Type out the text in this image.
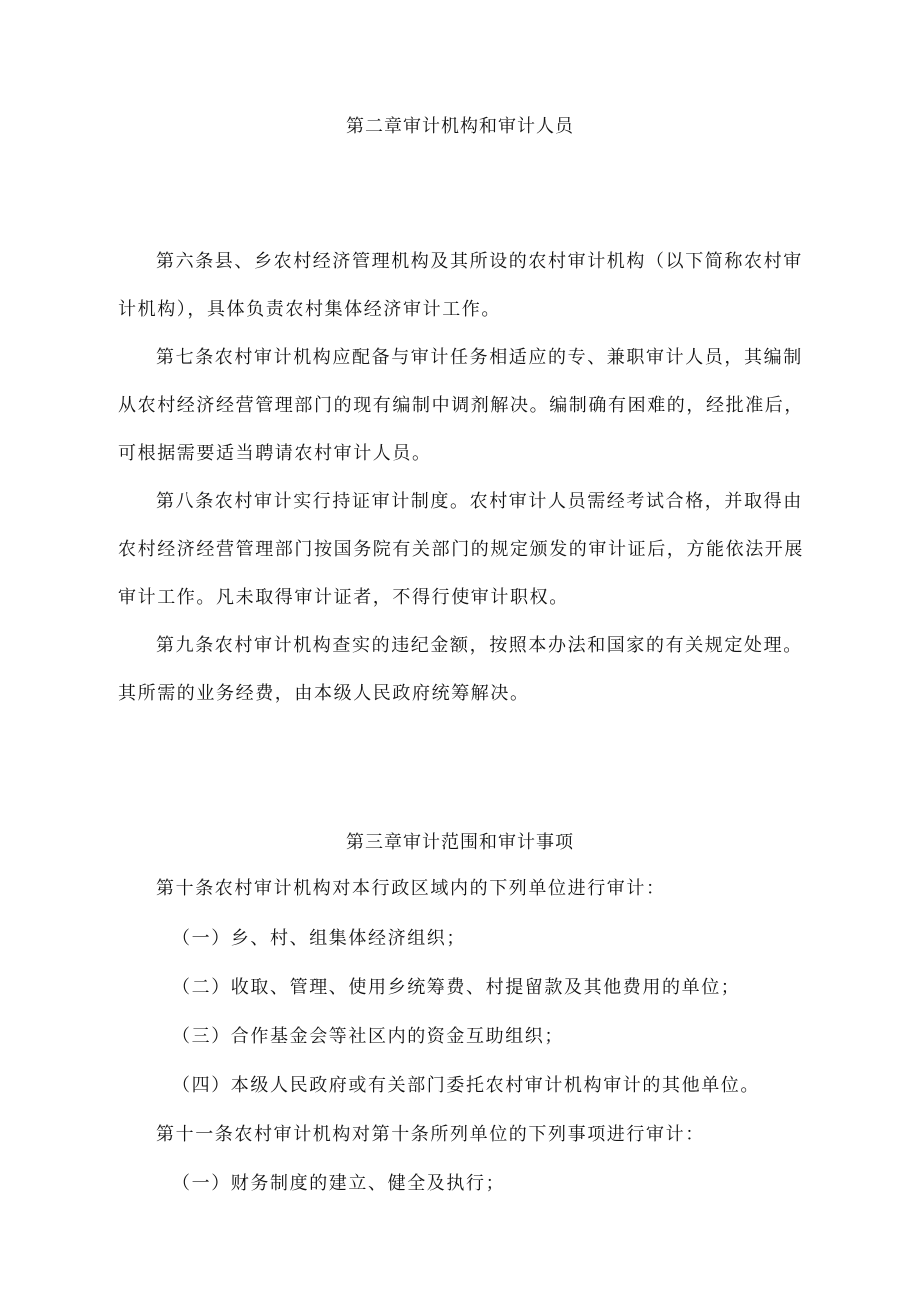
第二章审计机构和审计人员
第六条县、乡农村经济管理机构及其所设的农村审计机构（以下简称农村审计机构），具体负责农村集体经济审计工作。
第七条农村审计机构应配备与审计任务相适应的专、兼职审计人员，其编制从农村经济经营管理部门的现有编制中调剂解决。编制确有困难的，经批准后，可根据需要适当聘请农村审计人员。
第八条农村审计实行持证审计制度。农村审计人员需经考试合格，并取得由农村经济经营管理部门按国务院有关部门的规定颁发的审计证后，方能依法开展审计工作。凡未取得审计证者，不得行使审计职权。
第九条农村审计机构查实的违纪金额，按照本办法和国家的有关规定处理。其所需的业务经费，由本级人民政府统筹解决。
第三章审计范围和审计事项
第十条农村审计机构对本行政区域内的下列单位进行审计：
（一）乡、村、组集体经济组织；
（二）收取、管理、使用乡统筹费、村提留款及其他费用的单位；
（三）合作基金会等社区内的资金互助组织；
（四）本级人民政府或有关部门委托农村审计机构审计的其他单位。
第十一条农村审计机构对第十条所列单位的下列事项进行审计：
（一）财务制度的建立、健全及执行；
